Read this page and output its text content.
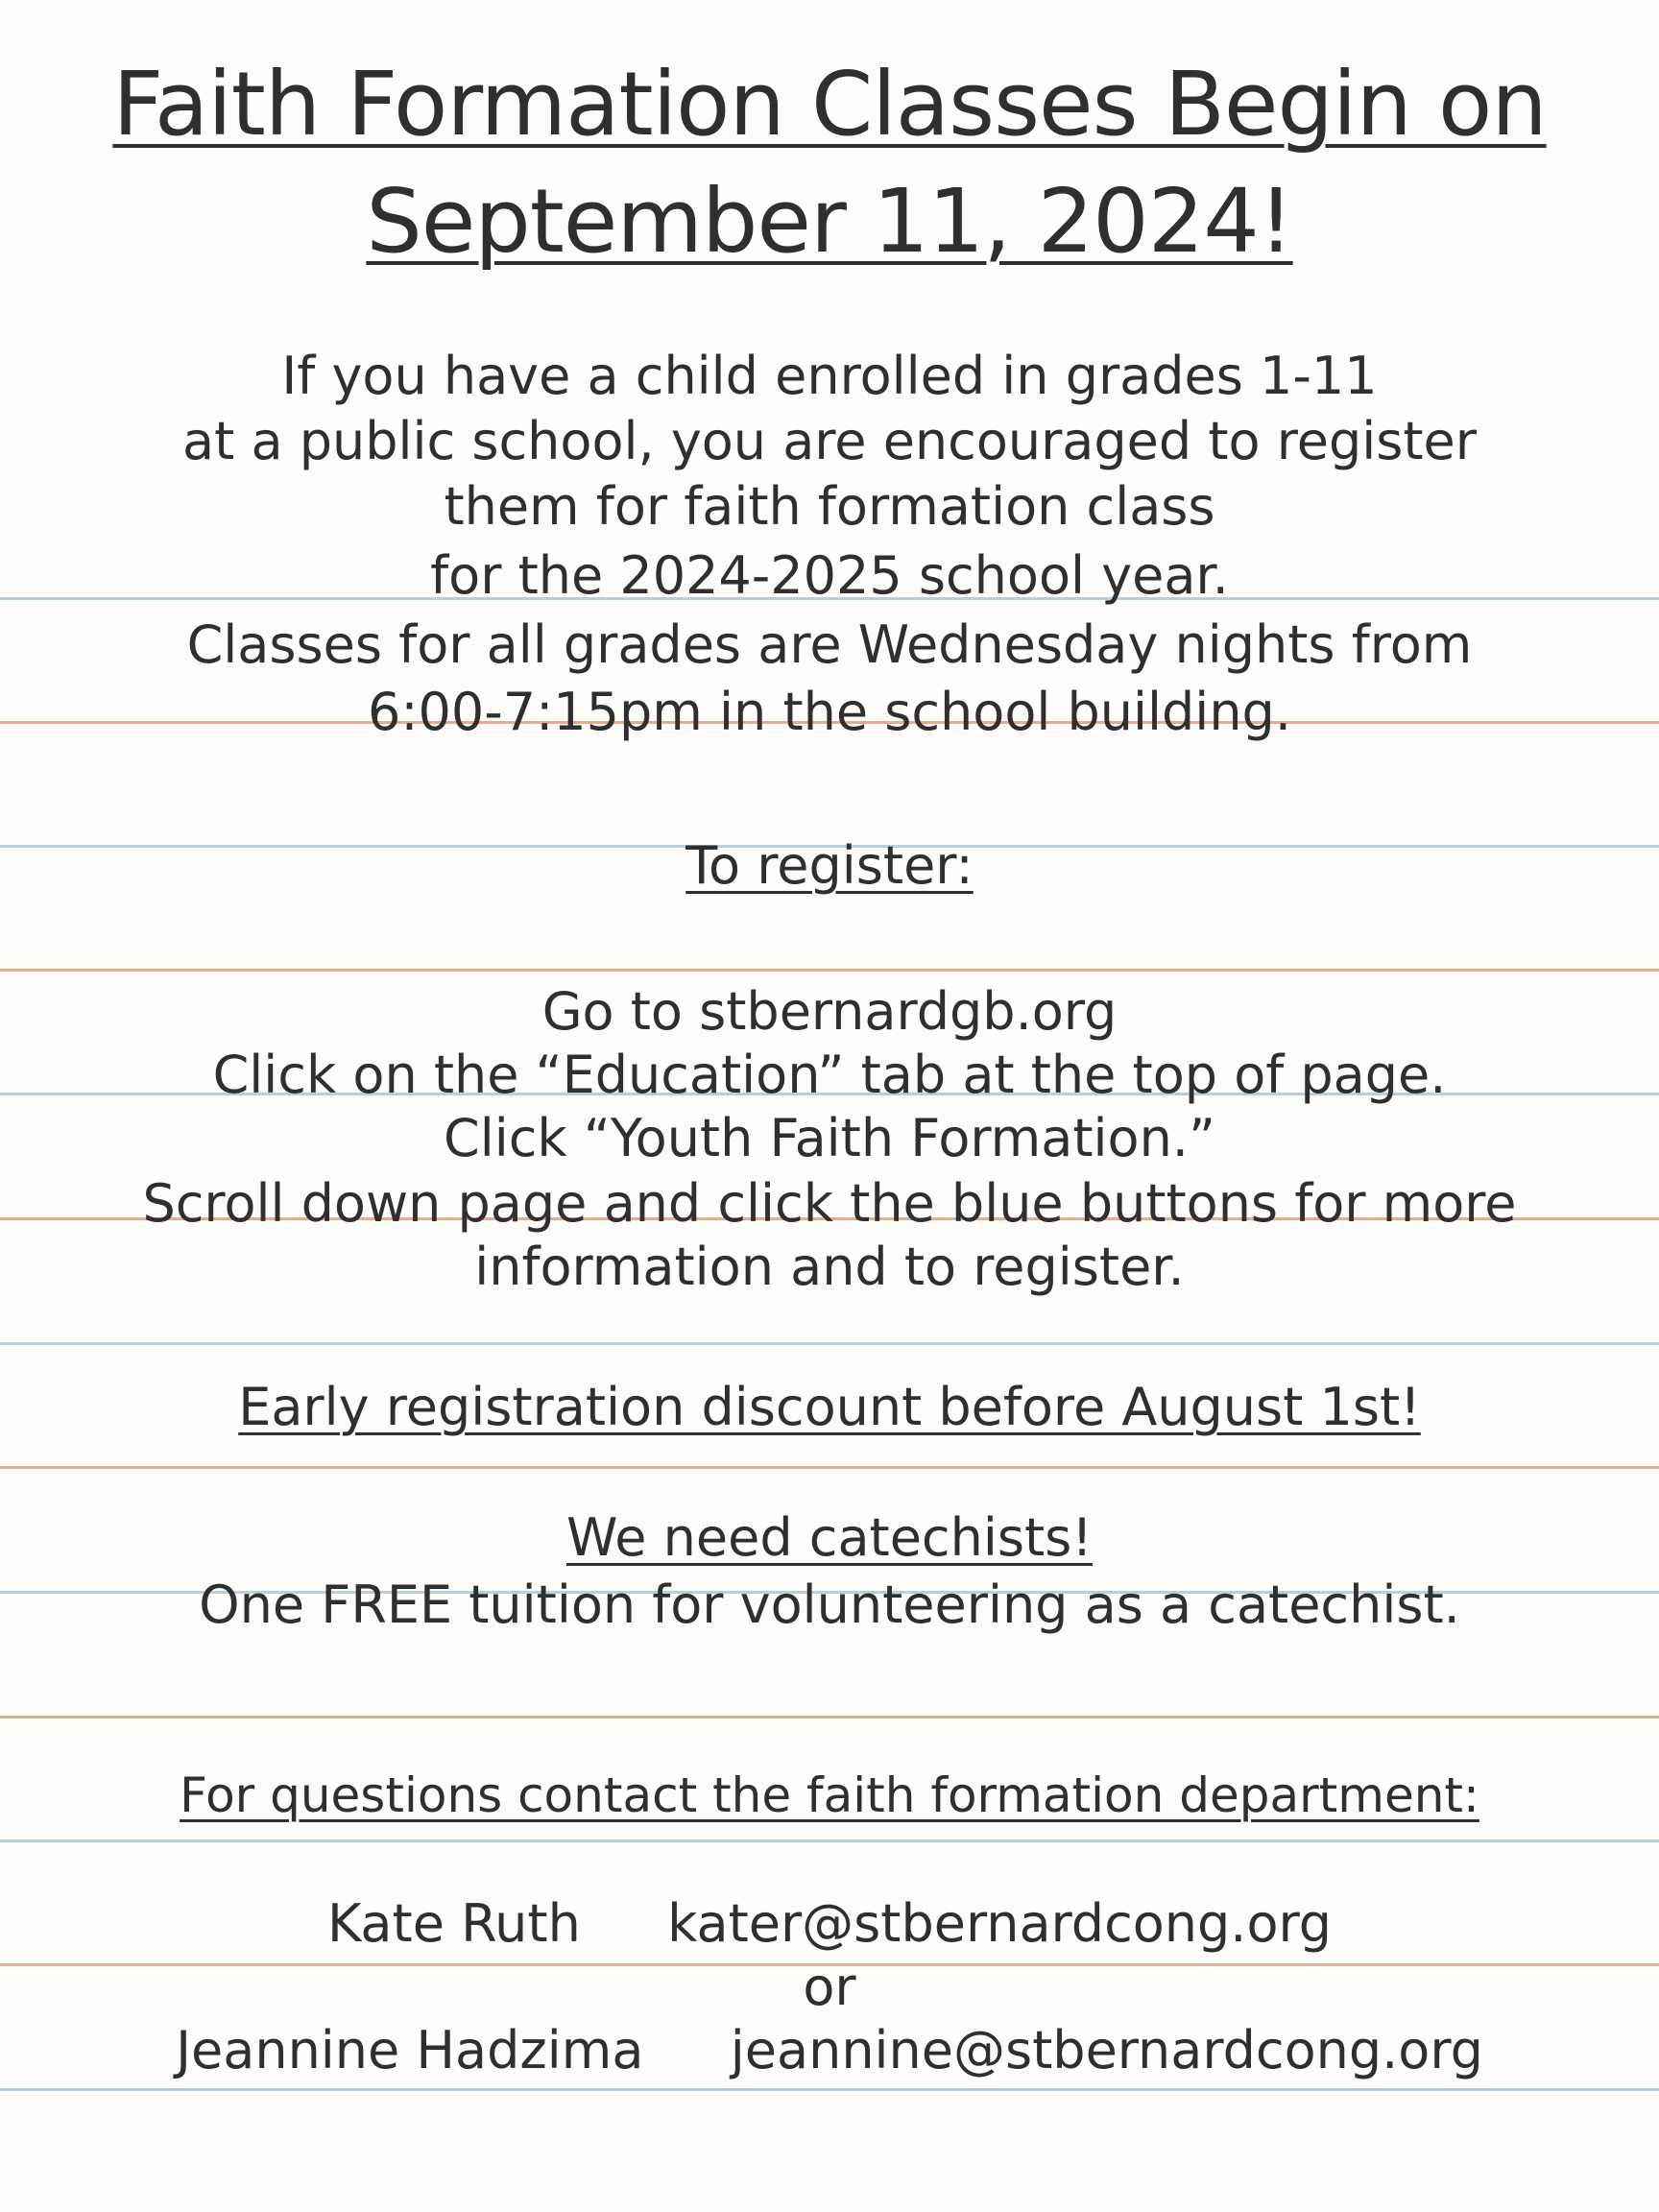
Faith Formation Classes Begin on
September 11, 2024!
If you have a child enrolled in grades 1-11
at a public school, you are encouraged to register
them for faith formation class
for the 2024-2025 school year.
Classes for all grades are Wednesday nights from
6:00-7:15pm in the school building.
To register:
Go to stbernardgb.org
Click on the “Education” tab at the top of page.
Click “Youth Faith Formation.”
Scroll down page and click the blue buttons for more
information and to register.
Early registration discount before August 1st!
We need catechists!
One FREE tuition for volunteering as a catechist.
For questions contact the faith formation department:
Kate Ruth kater@stbernardcong.org
or
Jeannine Hadzima jeannine@stbernardcong.org
